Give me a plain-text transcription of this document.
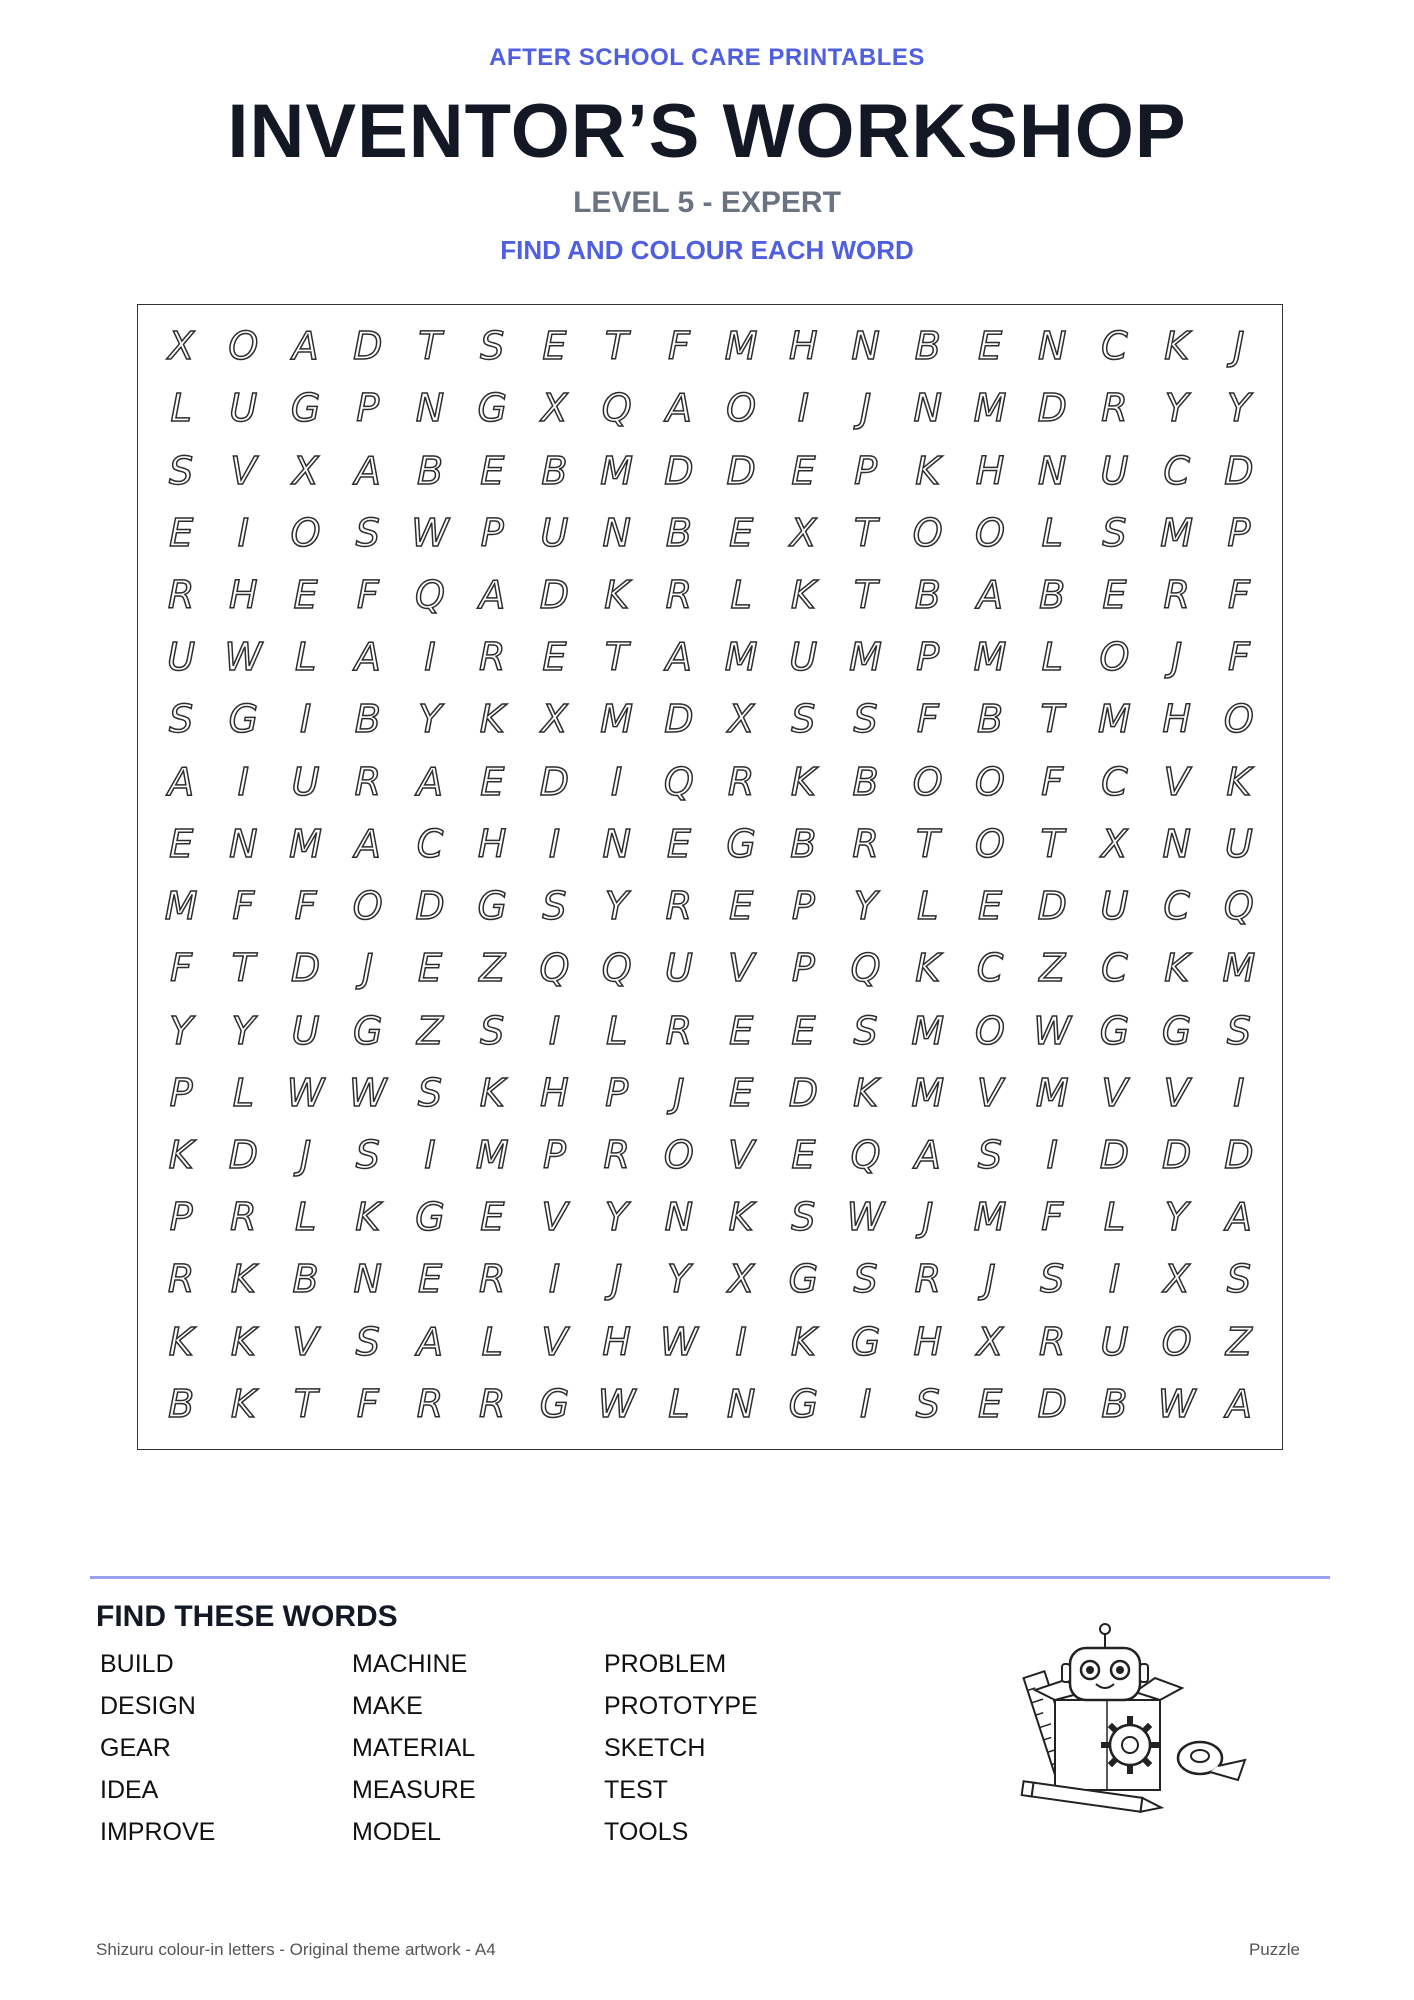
AFTER SCHOOL CARE PRINTABLES
INVENTOR’S WORKSHOP
LEVEL 5 - EXPERT
FIND AND COLOUR EACH WORD
X O A D T	S	E	T	F M H N B E N C K	J
L U G P N G X Q A O	I	J	N M D R Y	Y
S V X A B E B M D D E	P	K H N U C D
E	I	O S W P U N B E X T O O L	S M P
R H E	F Q A D K R	L	K	T B A B E R	F
U W L	A	I	R E	T A M U M P M L O	J	F
S G	I	B Y	K X M D X S	S	F	B T M H O
A	I	U R A E D	I	Q R K B O O F	C V K
E N M A C H	I	N E G B R T O T X N U
M F	F O D G S	Y R E	P	Y	L	E D U C Q
F	T D	J	E Z Q Q U V P Q K C Z C K M
Y	Y U G Z S	I	L	R E	E	S M O W G G S
P	L W W S K H P	J	E D K M V M V V	I
K D	J	S	I	M P R O V E Q A S	I	D D D
P R	L	K G E V Y N K S W J	M F	L	Y A
R K B N E R	I	J	Y X G S R	J	S	I	X S
K K V S A	L	V H W I	K G H X R U O Z
B K	T	F	R R G W L N G	I	S	E D B W A
FIND THESE WORDS
BUILD
DESIGN
GEAR
IDEA
IMPROVE
MACHINE
MAKE
MATERIAL
MEASURE
MODEL
PROBLEM
PROTOTYPE
SKETCH
TEST
TOOLS
Shizuru colour-in letters - Original theme artwork - A4	Puzzle
